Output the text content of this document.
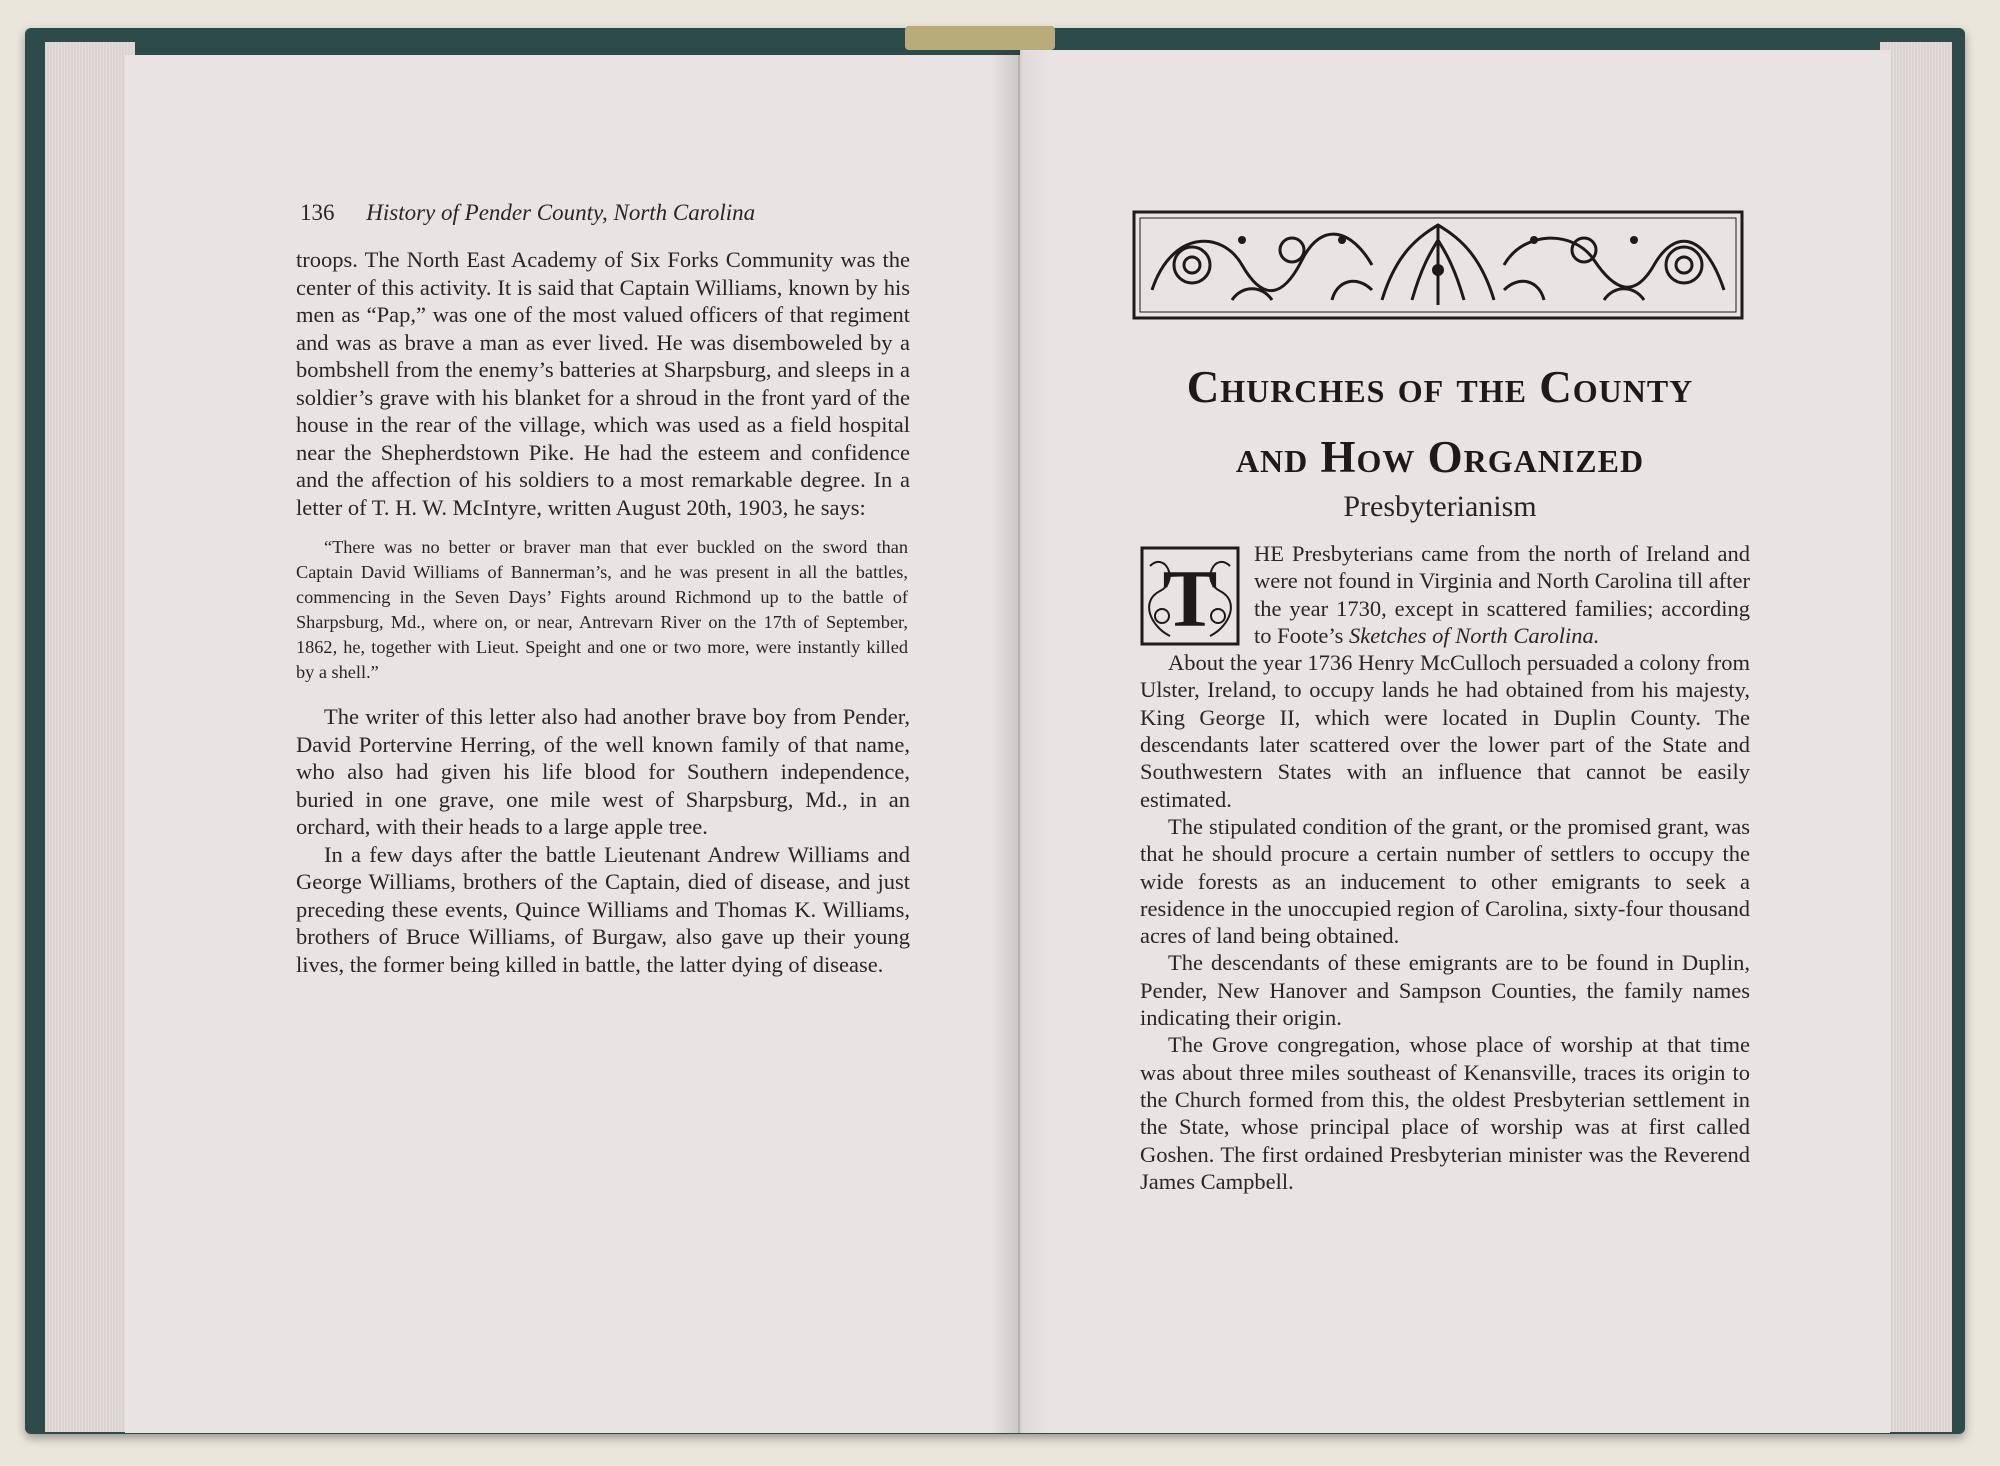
136 History of Pender County, North Carolina

troops. The North East Academy of Six Forks Community was the center of this activity. It is said that Captain Williams, known by his men as “Pap,” was one of the most valued officers of that regiment and was as brave a man as ever lived. He was disemboweled by a bombshell from the enemy’s batteries at Sharpsburg, and sleeps in a soldier’s grave with his blanket for a shroud in the front yard of the house in the rear of the village, which was used as a field hospital near the Shepherdstown Pike. He had the esteem and confidence and the affection of his soldiers to a most remarkable degree. In a letter of T. H. W. McIntyre, written August 20th, 1903, he says:

“There was no better or braver man that ever buckled on the sword than Captain David Williams of Bannerman’s, and he was present in all the battles, commencing in the Seven Days’ Fights around Richmond up to the battle of Sharpsburg, Md., where on, or near, Antrevarn River on the 17th of September, 1862, he, together with Lieut. Speight and one or two more, were instantly killed by a shell.”

The writer of this letter also had another brave boy from Pender, David Portervine Herring, of the well known family of that name, who also had given his life blood for Southern independence, buried in one grave, one mile west of Sharpsburg, Md., in an orchard, with their heads to a large apple tree.

In a few days after the battle Lieutenant Andrew Williams and George Williams, brothers of the Captain, died of disease, and just preceding these events, Quince Williams and Thomas K. Williams, brothers of Bruce Williams, of Burgaw, also gave up their young lives, the former being killed in battle, the latter dying of disease.

Churches of the County
and How Organized
Presbyterianism

T HE Presbyterians came from the north of Ireland and were not found in Virginia and North Carolina till after the year 1730, except in scattered families; according to Foote’s Sketches of North Carolina.

About the year 1736 Henry McCulloch persuaded a colony from Ulster, Ireland, to occupy lands he had obtained from his majesty, King George II, which were located in Duplin County. The descendants later scattered over the lower part of the State and Southwestern States with an influence that cannot be easily estimated.

The stipulated condition of the grant, or the promised grant, was that he should procure a certain number of settlers to occupy the wide forests as an inducement to other emigrants to seek a residence in the unoccupied region of Carolina, sixty-four thousand acres of land being obtained.

The descendants of these emigrants are to be found in Duplin, Pender, New Hanover and Sampson Counties, the family names indicating their origin.

The Grove congregation, whose place of worship at that time was about three miles southeast of Kenansville, traces its origin to the Church formed from this, the oldest Presbyterian settlement in the State, whose principal place of worship was at first called Goshen. The first ordained Presbyterian minister was the Reverend James Campbell.
